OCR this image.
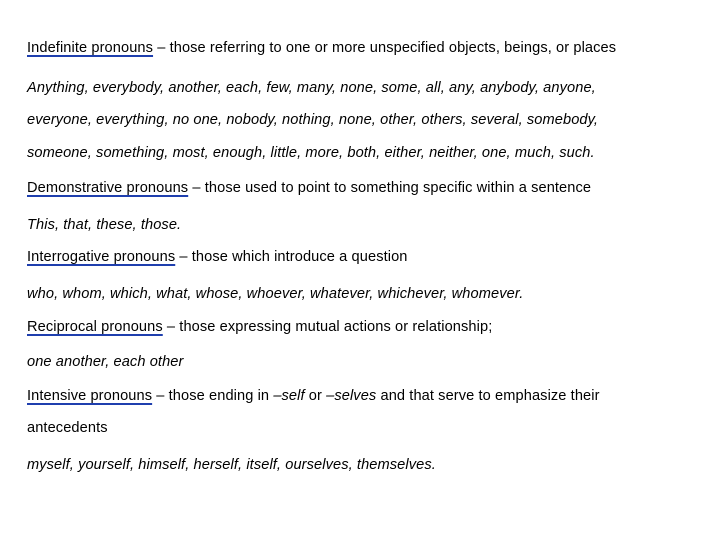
Indefinite pronouns – those referring to one or more unspecified objects, beings, or places
Anything, everybody, another, each, few, many, none, some, all, any, anybody, anyone,
everyone, everything, no one, nobody, nothing, none, other, others, several, somebody,
someone, something, most, enough, little, more, both, either, neither, one, much, such.
Demonstrative pronouns – those used to point to something specific within a sentence
This, that, these, those.
Interrogative pronouns – those which introduce a question
who, whom, which, what, whose, whoever, whatever, whichever, whomever.
Reciprocal pronouns – those expressing mutual actions or relationship;
one another, each other
Intensive pronouns – those ending in –self or –selves and that serve to emphasize their
antecedents
myself, yourself, himself, herself, itself, ourselves, themselves.
